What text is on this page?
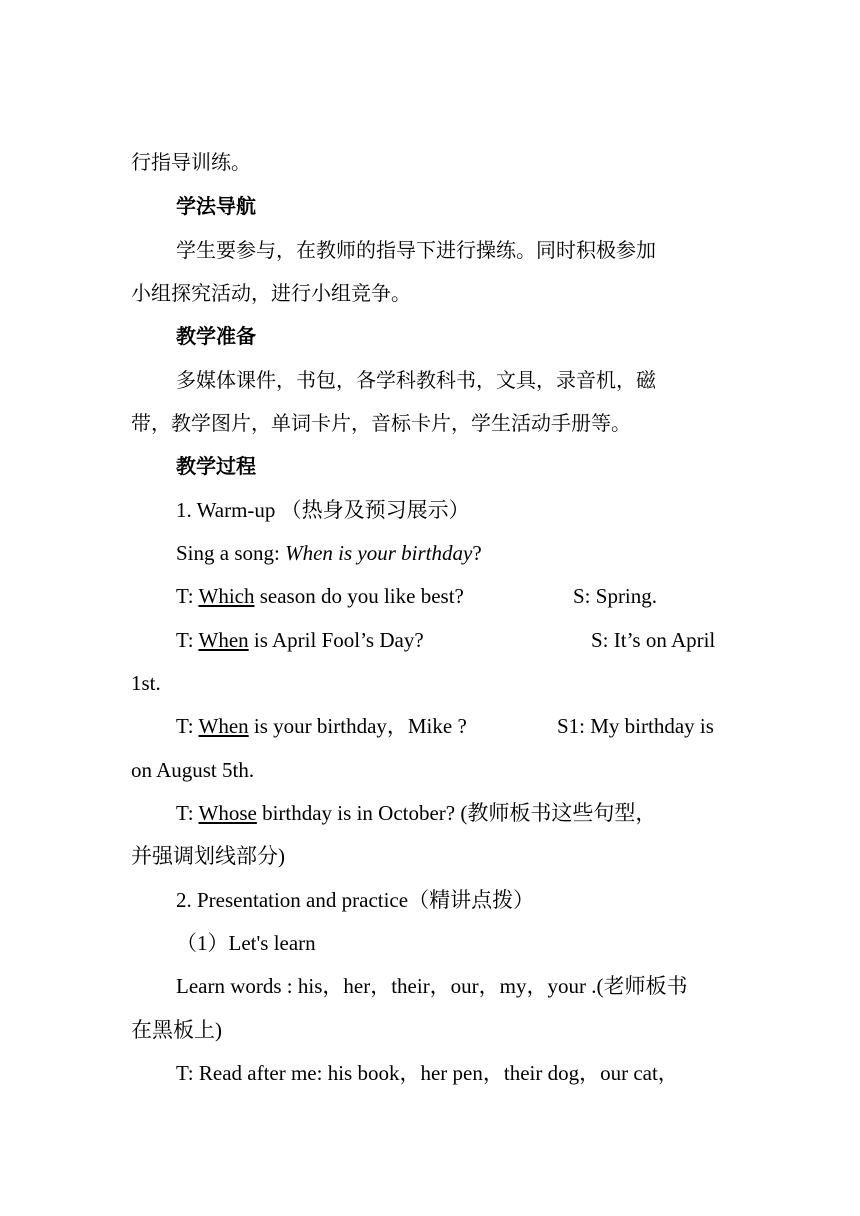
行指导训练。
学法导航
学生要参与，在教师的指导下进行操练。同时积极参加
小组探究活动，进行小组竞争。
教学准备
多媒体课件，书包，各学科教科书，文具，录音机，磁
带，教学图片，单词卡片，音标卡片，学生活动手册等。
教学过程
1. Warm-up （热身及预习展示）
Sing a song: When is your birthday?
T: Which season do you like best?	S: Spring.
T: When is April Fool’s Day?	S: It’s on April
1st.
T: When is your birthday，Mike ?	S1: My birthday is
on August 5th.
T: Whose birthday is in October? (教师板书这些句型，
并强调划线部分)
2. Presentation and practice（精讲点拨）
（1）Let's learn
Learn words : his，her，their，our，my，your .(老师板书
在黑板上)
T: Read after me: his book，her pen，their dog，our cat，
